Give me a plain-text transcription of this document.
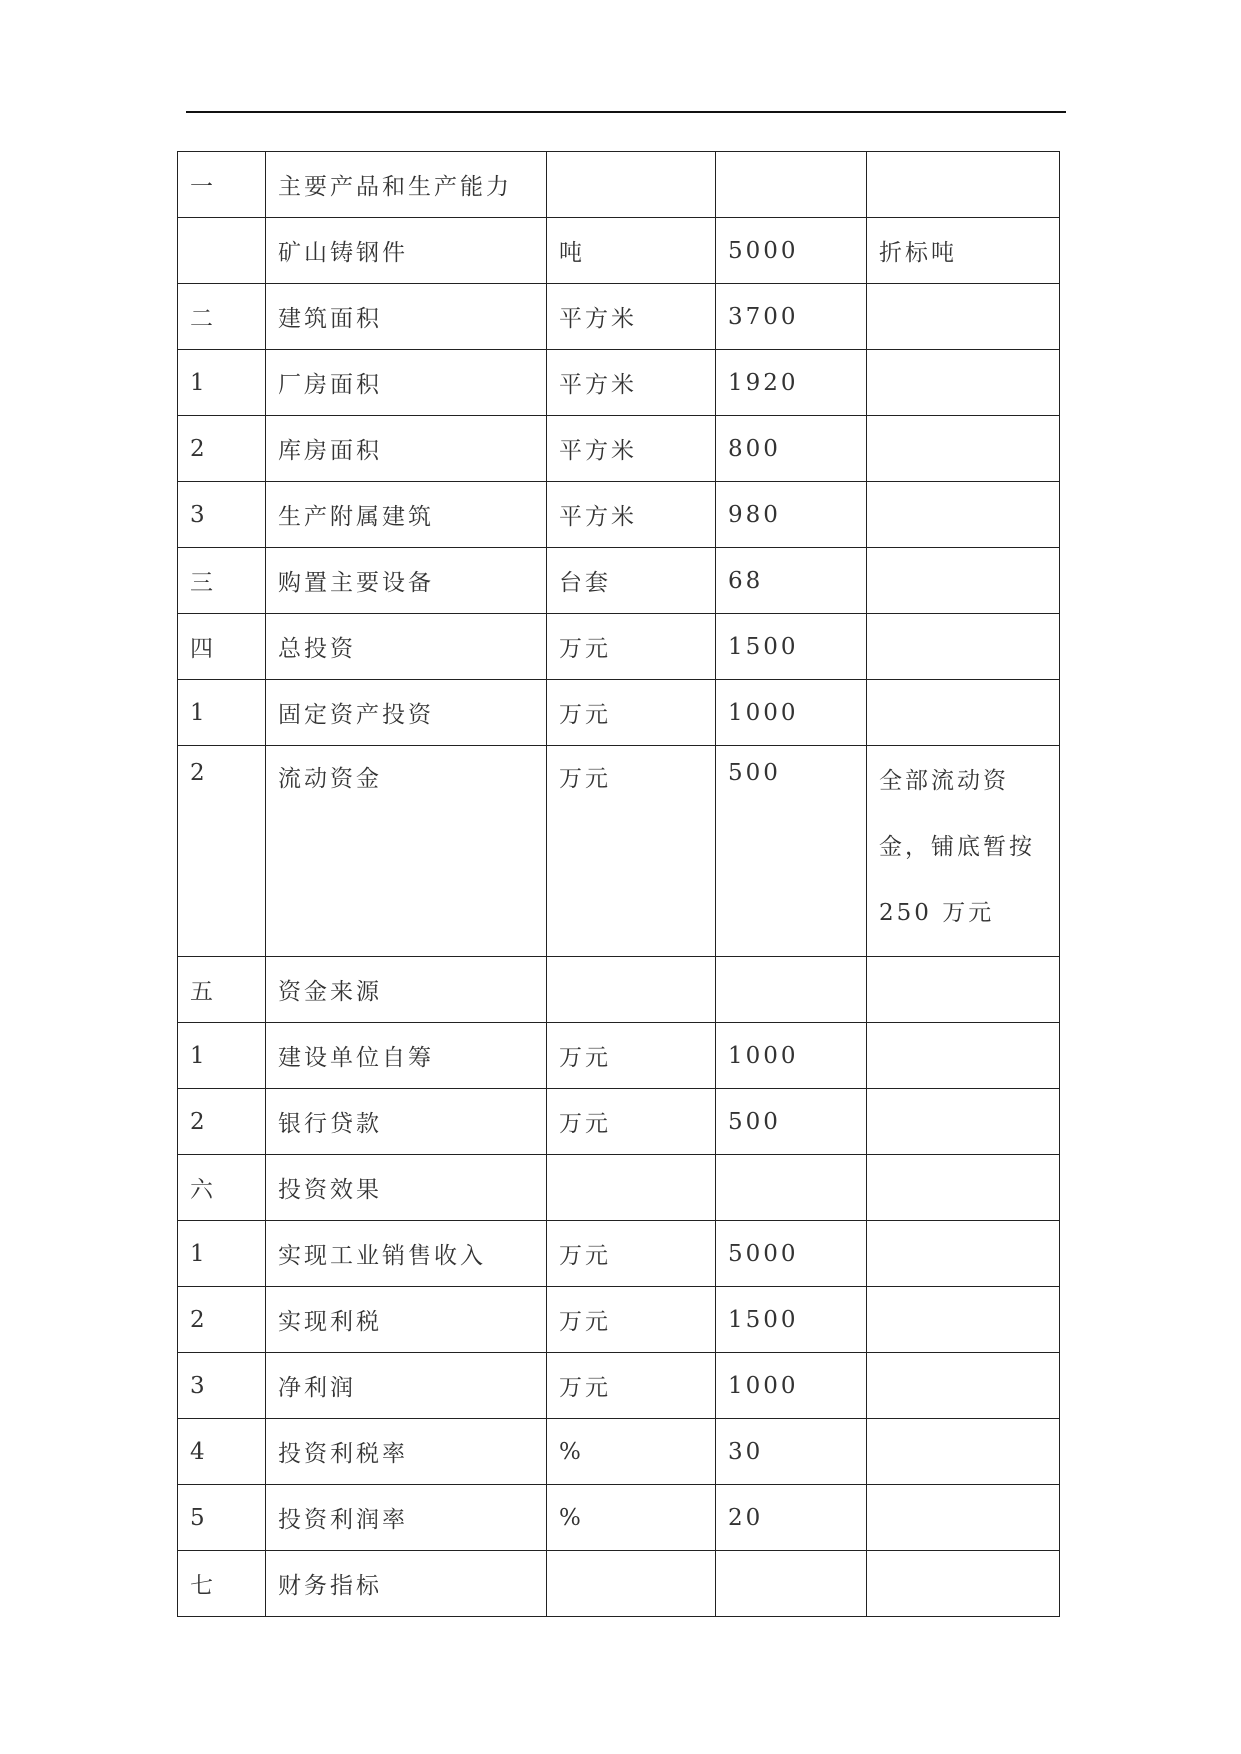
一	主要产品和生产能力			
	矿山铸钢件	吨	5000	折标吨
二	建筑面积	平方米	3700	
1	厂房面积	平方米	1920	
2	库房面积	平方米	800	
3	生产附属建筑	平方米	980	
三	购置主要设备	台套	68	
四	总投资	万元	1500	
1	固定资产投资	万元	1000	
2	流动资金	万元	500	全部流动资金，铺底暂按 250 万元
五	资金来源			
1	建设单位自筹	万元	1000	
2	银行贷款	万元	500	
六	投资效果			
1	实现工业销售收入	万元	5000	
2	实现利税	万元	1500	
3	净利润	万元	1000	
4	投资利税率	%	30	
5	投资利润率	%	20	
七	财务指标			
